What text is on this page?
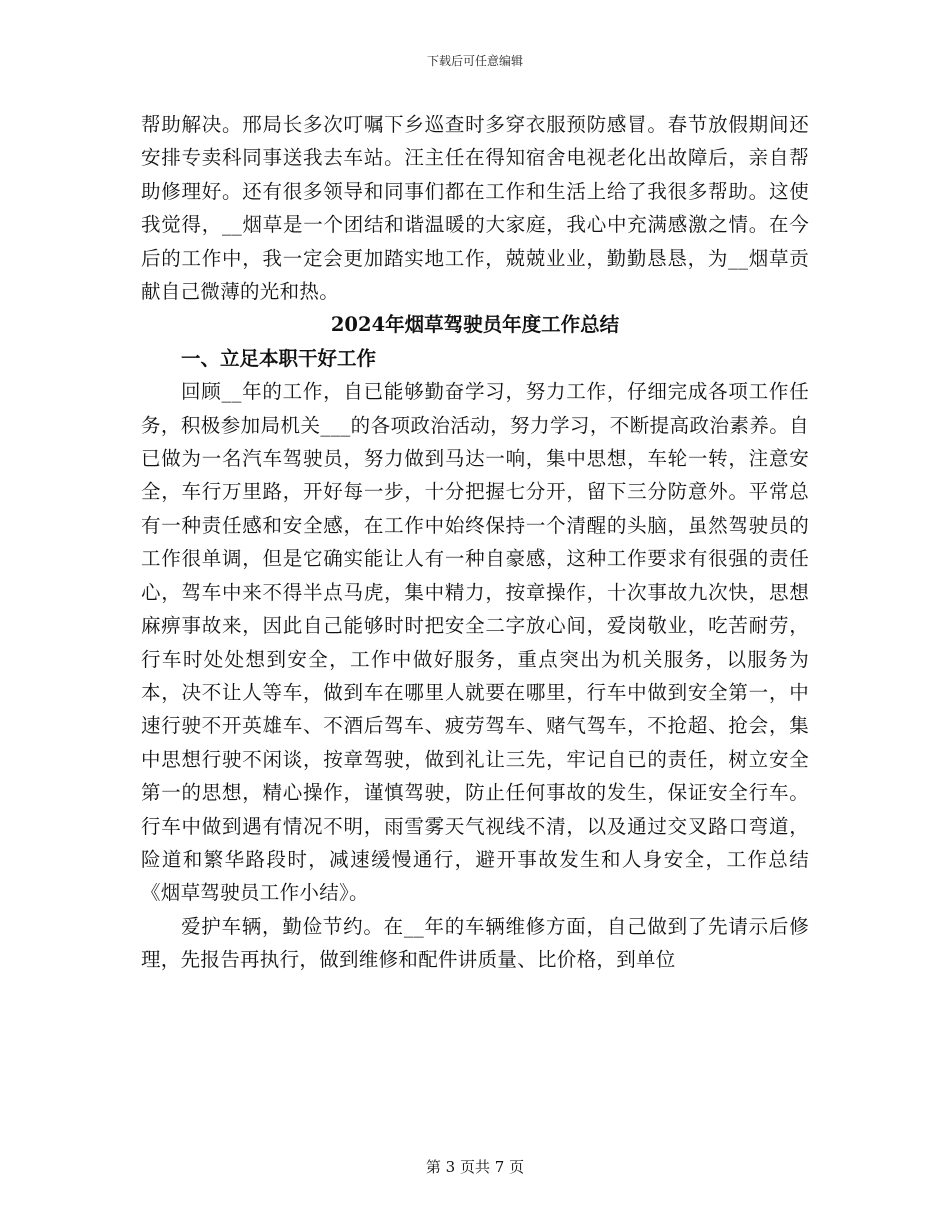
下载后可任意编辑

帮助解决。邢局长多次叮嘱下乡巡查时多穿衣服预防感冒。春节放假期间还安排专卖科同事送我去车站。汪主任在得知宿舍电视老化出故障后，亲自帮助修理好。还有很多领导和同事们都在工作和生活上给了我很多帮助。这使我觉得，__烟草是一个团结和谐温暖的大家庭，我心中充满感激之情。在今后的工作中，我一定会更加踏实地工作，兢兢业业，勤勤恳恳，为__烟草贡献自己微薄的光和热。

2024年烟草驾驶员年度工作总结

一、立足本职干好工作

回顾__年的工作，自已能够勤奋学习，努力工作，仔细完成各项工作任务，积极参加局机关___的各项政治活动，努力学习，不断提高政治素养。自已做为一名汽车驾驶员，努力做到马达一响，集中思想，车轮一转，注意安全，车行万里路，开好每一步，十分把握七分开，留下三分防意外。平常总有一种责任感和安全感，在工作中始终保持一个清醒的头脑，虽然驾驶员的工作很单调，但是它确实能让人有一种自豪感，这种工作要求有很强的责任心，驾车中来不得半点马虎，集中精力，按章操作，十次事故九次快，思想麻痹事故来，因此自己能够时时把安全二字放心间，爱岗敬业，吃苦耐劳，行车时处处想到安全，工作中做好服务，重点突出为机关服务，以服务为本，决不让人等车，做到车在哪里人就要在哪里，行车中做到安全第一，中速行驶不开英雄车、不酒后驾车、疲劳驾车、赌气驾车，不抢超、抢会，集中思想行驶不闲谈，按章驾驶，做到礼让三先，牢记自已的责任，树立安全第一的思想，精心操作，谨慎驾驶，防止任何事故的发生，保证安全行车。行车中做到遇有情况不明，雨雪雾天气视线不清，以及通过交叉路口弯道，险道和繁华路段时，减速缓慢通行，避开事故发生和人身安全，工作总结《烟草驾驶员工作小结》。

爱护车辆，勤俭节约。在__年的车辆维修方面，自己做到了先请示后修理，先报告再执行，做到维修和配件讲质量、比价格，到单位

第 3 页共 7 页
